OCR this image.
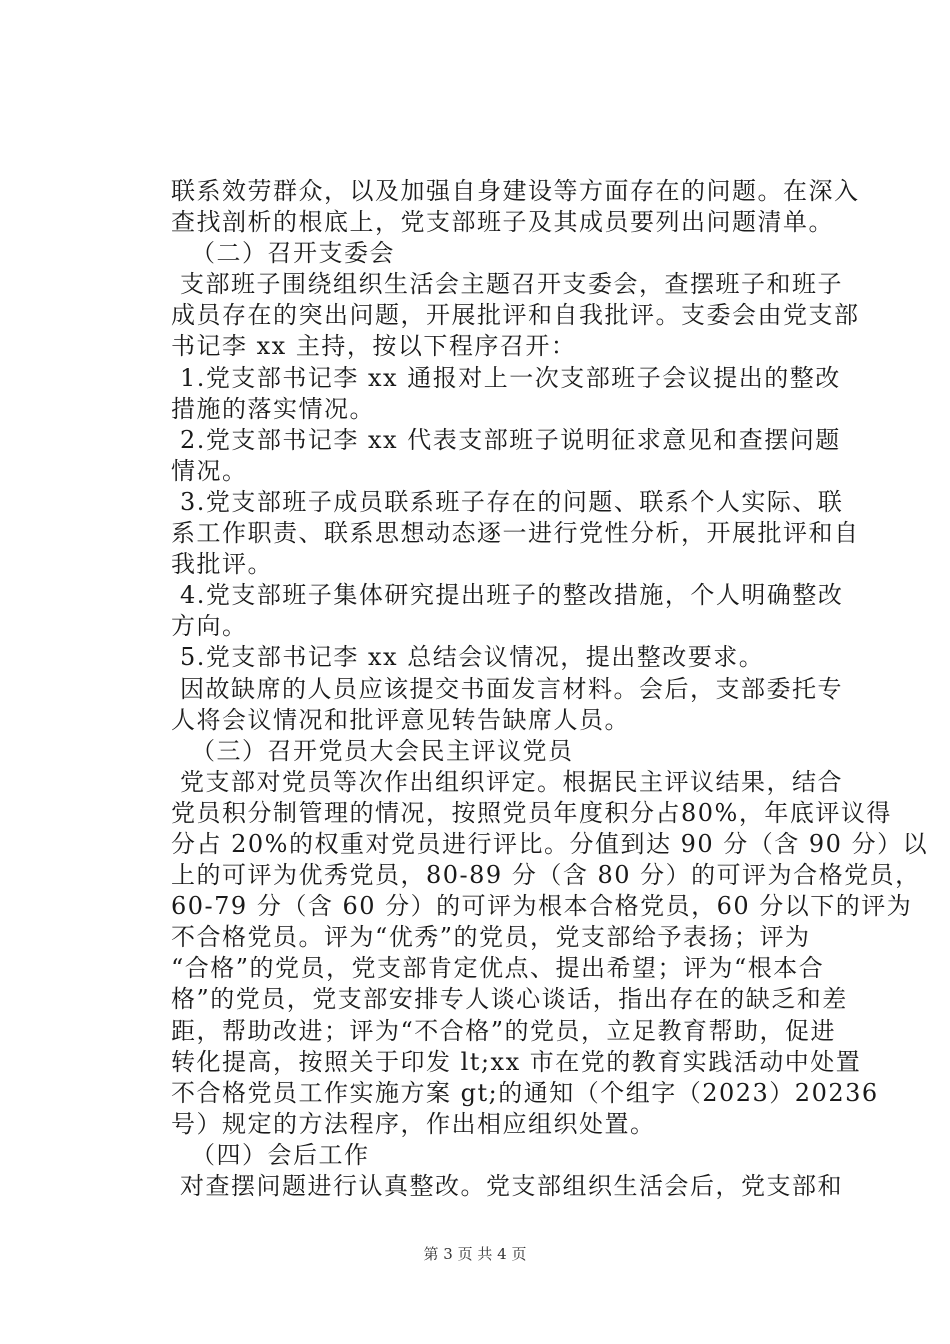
联系效劳群众，以及加强自身建设等方面存在的问题。在深入
查找剖析的根底上，党支部班子及其成员要列出问题清单。
（二）召开支委会
支部班子围绕组织生活会主题召开支委会，查摆班子和班子
成员存在的突出问题，开展批评和自我批评。支委会由党支部
书记李 xx 主持，按以下程序召开：
1.党支部书记李 xx 通报对上一次支部班子会议提出的整改
措施的落实情况。
2.党支部书记李 xx 代表支部班子说明征求意见和查摆问题
情况。
3.党支部班子成员联系班子存在的问题、联系个人实际、联
系工作职责、联系思想动态逐一进行党性分析，开展批评和自
我批评。
4.党支部班子集体研究提出班子的整改措施，个人明确整改
方向。
5.党支部书记李 xx 总结会议情况，提出整改要求。
因故缺席的人员应该提交书面发言材料。会后，支部委托专
人将会议情况和批评意见转告缺席人员。
（三）召开党员大会民主评议党员
党支部对党员等次作出组织评定。根据民主评议结果，结合
党员积分制管理的情况，按照党员年度积分占80%，年底评议得
分占 20%的权重对党员进行评比。分值到达 90 分（含 90 分）以
上的可评为优秀党员，80-89 分（含 80 分）的可评为合格党员，
60-79 分（含 60 分）的可评为根本合格党员，60 分以下的评为
不合格党员。评为“优秀”的党员，党支部给予表扬；评为
“合格”的党员，党支部肯定优点、提出希望；评为“根本合
格”的党员，党支部安排专人谈心谈话，指出存在的缺乏和差
距，帮助改进；评为“不合格”的党员，立足教育帮助，促进
转化提高，按照关于印发 lt;xx 市在党的教育实践活动中处置
不合格党员工作实施方案 gt;的通知（个组字（2023）20236
号）规定的方法程序，作出相应组织处置。
（四）会后工作
对查摆问题进行认真整改。党支部组织生活会后，党支部和
第 3 页 共 4 页
